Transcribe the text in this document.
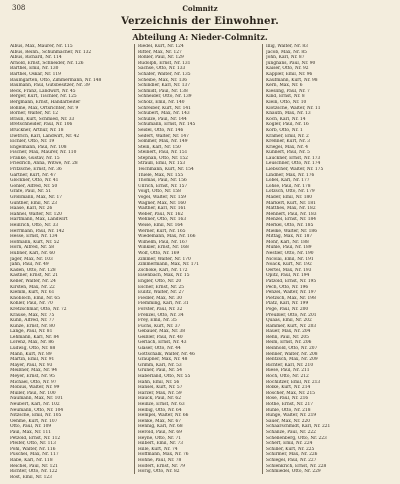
308	Colmnitz
Verzeichnis der Einwohner.
Abteilung A: Nieder-Colmnitz.
Albus, Max, Maurer, Nr. 115
Albus, Reinh., Schuhmacher, Nr. 132
Albus, Richard, Nr. 114
Arnold, Ernst, Schneider, Nr. 126
Barthel, Emil, Nr. 130
Barthel, Oskar, Nr. 119
Baumgarten, Otto, Zimmermann, Nr. 148
Baumann, Paul, Gutsbesitzer, Nr. 39
Beck, Franz, Landwirt, Nr. 45
Berger, Kurt, Tischler, Nr. 125
Bergmann, Ernst, Handarbeiter
Böhme, Max, Ortsrichter, Nr. 9
Börner, Walter, Nr. 12
Braun, Kurt, Schmied, Nr. 33
Bretschneider, Paul, Nr. 106
Brückner, Arthur, Nr. 18
Dietrich, Karl, Landwirt, Nr. 42
Eichler, Otto, Nr. 19
Engelmann, Paul, Nr. 108
Fischer, Max, Maurer, Nr. 110
Franke, Gustav, Nr. 15
Friedrich, Anna, Witwe, Nr. 28
Fritzsche, Ernst, Nr. 36
Gärtner, Kurt, Nr. 47
Glöckner, Otto, Nr. 41
Göhler, Alfred, Nr. 50
Grafe, Paul, Nr. 51
Großmann, Max, Nr. 17
Günther, Emil, Nr. 23
Haase, Karl, Nr. 26
Hähnel, Walter, Nr. 120
Hartmann, Max, Landwirt
Heinrich, Otto, Nr. 33
Herrmann, Paul, Nr. 142
Hesse, Ernst, Nr. 134
Hofmann, Kurt, Nr. 52
Horn, Alfred, Nr. 58
Hübner, Karl, Nr. 60
Jäger, Max, Nr. 103
Jahn, Paul, Nr. 49
Kaden, Otto, Nr. 128
Kästner, Ernst, Nr. 21
Keller, Walter, Nr. 24
Kirsten, Max, Nr. 22
Klemm, Kurt, Nr. 61
Knobloch, Emil, Nr. 65
Köhler, Paul, Nr. 70
Kretzschmar, Otto, Nr. 72
Krause, Max, Nr. 75
Kühn, Alfred, Nr. 77
Kunze, Ernst, Nr. 80
Lange, Paul, Nr. 81
Lehmann, Karl, Nr. 84
Lorenz, Max, Nr. 86
Ludwig, Otto, Nr. 88
Mann, Kurt, Nr. 89
Martin, Emil, Nr. 91
Mayer, Paul, Nr. 93
Meißner, Max, Nr. 94
Meyer, Ernst, Nr. 95
Michael, Otto, Nr. 97
Möbius, Walter, Nr. 99
Müller, Paul, Nr. 100
Naumann, Max, Nr. 101
Neubert, Karl, Nr. 102
Neumann, Otto, Nr. 104
Nitzsche, Emil, Nr. 105
Oehme, Kurt, Nr. 107
Otto, Paul, Nr. 109
Paul, Max, Nr. 111
Petzold, Ernst, Nr. 112
Pfeifer, Otto, Nr. 113
Pohl, Walter, Nr. 116
Püschel, Max, Nr. 117
Rabe, Karl, Nr. 118
Reichel, Paul, Nr. 121
Richter, Otto, Nr. 122
Rost, Emil, Nr. 123
Riedel, Kurt, Nr. 124
Ritter, Max, Nr. 127
Rößler, Paul, Nr. 129
Rudolph, Ernst, Nr. 131
Sachse, Otto, Nr. 133
Schäfer, Walter, Nr. 135
Scheibe, Max, Nr. 136
Schindler, Karl, Nr. 137
Schmidt, Paul, Nr. 138
Schneider, Otto, Nr. 139
Scholz, Emil, Nr. 140
Schreiber, Kurt, Nr. 141
Schubert, Max, Nr. 143
Schulze, Paul, Nr. 144
Schumann, Ernst, Nr. 145
Seidel, Otto, Nr. 146
Seifert, Walter, Nr. 147
Sommer, Max, Nr. 149
Stein, Karl, Nr. 150
Steinert, Paul, Nr. 151
Stephan, Otto, Nr. 152
Strauß, Emil, Nr. 153
Teichmann, Kurt, Nr. 154
Thiele, Max, Nr. 155
Thomas, Paul, Nr. 156
Ullrich, Ernst, Nr. 157
Voigt, Otto, Nr. 158
Vogel, Walter, Nr. 159
Wagner, Max, Nr. 160
Walther, Karl, Nr. 161
Weber, Paul, Nr. 162
Wehner, Otto, Nr. 163
Weise, Emil, Nr. 164
Werner, Kurt, Nr. 165
Wiedemann, Max, Nr. 166
Wilhelm, Paul, Nr. 167
Winkler, Ernst, Nr. 168
Wolf, Otto, Nr. 169
Zimmer, Walter, Nr. 170
Zimmermann, Max, Nr. 171
Zschoke, Karl, Nr. 172
Eisenbach, Max, Nr. 15
Engler, Otto, Nr. 20
Escher, Ernst, Nr. 25
Eulitz, Walter, Nr. 27
Fiedler, Max, Nr. 30
Flemming, Karl, Nr. 31
Förster, Paul, Nr. 32
Frenzel, Otto, Nr. 34
Frey, Emil, Nr. 35
Fuchs, Kurt, Nr. 37
Gebauer, Max, Nr. 38
Geißler, Paul, Nr. 40
Gerlach, Ernst, Nr. 43
Gläser, Otto, Nr. 44
Gottschalk, Walter, Nr. 46
Graupner, Max, Nr. 48
Grimm, Karl, Nr. 53
Gruner, Paul, Nr. 54
Haberland, Otto, Nr. 55
Hahn, Emil, Nr. 56
Hänsel, Kurt, Nr. 57
Harzer, Max, Nr. 59
Hauck, Paul, Nr. 62
Heinze, Ernst, Nr. 63
Helbig, Otto, Nr. 64
Hempel, Walter, Nr. 66
Henke, Max, Nr. 67
Hennig, Karl, Nr. 68
Herold, Paul, Nr. 69
Heyne, Otto, Nr. 71
Hilbert, Emil, Nr. 73
Hille, Kurt, Nr. 74
Hoffmann, Max, Nr. 76
Höhne, Paul, Nr. 78
Holfert, Ernst, Nr. 79
Hörig, Otto, Nr. 82
Illig, Walter, Nr. 83
Jacob, Max, Nr. 85
John, Karl, Nr. 87
Junghans, Paul, Nr. 90
Kaiser, Otto, Nr. 92
Kappler, Emil, Nr. 96
Kaufmann, Kurt, Nr. 98
Kern, Max, Nr. 6
Kiesling, Paul, Nr. 7
Kind, Ernst, Nr. 8
Klein, Otto, Nr. 10
Klotzsche, Walter, Nr. 11
Knauth, Max, Nr. 13
Koch, Karl, Nr. 14
Kögler, Paul, Nr. 16
Korb, Otto, Nr. 1
Kramer, Emil, Nr. 2
Kreßner, Kurt, Nr. 3
Kriegel, Max, Nr. 4
Kuhnert, Paul, Nr. 5
Lauckner, Ernst, Nr. 173
Leuschner, Otto, Nr. 174
Liebscher, Walter, Nr. 175
Lindner, Max, Nr. 176
Löbel, Karl, Nr. 177
Lohse, Paul, Nr. 178
Lötzsch, Otto, Nr. 179
Mäder, Emil, Nr. 180
Markert, Kurt, Nr. 181
Matthes, Max, Nr. 182
Mehnert, Paul, Nr. 183
Menzel, Ernst, Nr. 184
Merkel, Otto, Nr. 185
Mielke, Walter, Nr. 186
Mittag, Max, Nr. 187
Mohr, Karl, Nr. 188
Mühle, Paul, Nr. 189
Nestler, Otto, Nr. 190
Nicolai, Emil, Nr. 191
Noack, Kurt, Nr. 192
Oertel, Max, Nr. 193
Opitz, Paul, Nr. 194
Pätzold, Ernst, Nr. 195
Pech, Otto, Nr. 196
Penzel, Walter, Nr. 197
Pietzsch, Max, Nr. 198
Platz, Karl, Nr. 199
Pöge, Paul, Nr. 200
Preußler, Otto, Nr. 201
Quaas, Emil, Nr. 202
Rammer, Kurt, Nr. 203
Rauer, Max, Nr. 204
Rehn, Paul, Nr. 205
Reim, Ernst, Nr. 206
Reinhold, Otto, Nr. 207
Renner, Walter, Nr. 208
Rentzsch, Max, Nr. 209
Richter, Karl, Nr. 210
Riese, Paul, Nr. 211
Roch, Otto, Nr. 212
Rochlitzer, Emil, Nr. 213
Rölke, Kurt, Nr. 214
Röscher, Max, Nr. 215
Rose, Paul, Nr. 216
Rothe, Ernst, Nr. 217
Rühle, Otto, Nr. 218
Runge, Walter, Nr. 219
Sauer, Max, Nr. 220
Schaarschmidt, Karl, Nr. 221
Schanze, Paul, Nr. 222
Schellenberg, Otto, Nr. 223
Scherf, Emil, Nr. 224
Schiller, Kurt, Nr. 225
Schirmer, Max, Nr. 226
Schlegel, Paul, Nr. 227
Schlenkrich, Ernst, Nr. 228
Schmiedel, Otto, Nr. 229
